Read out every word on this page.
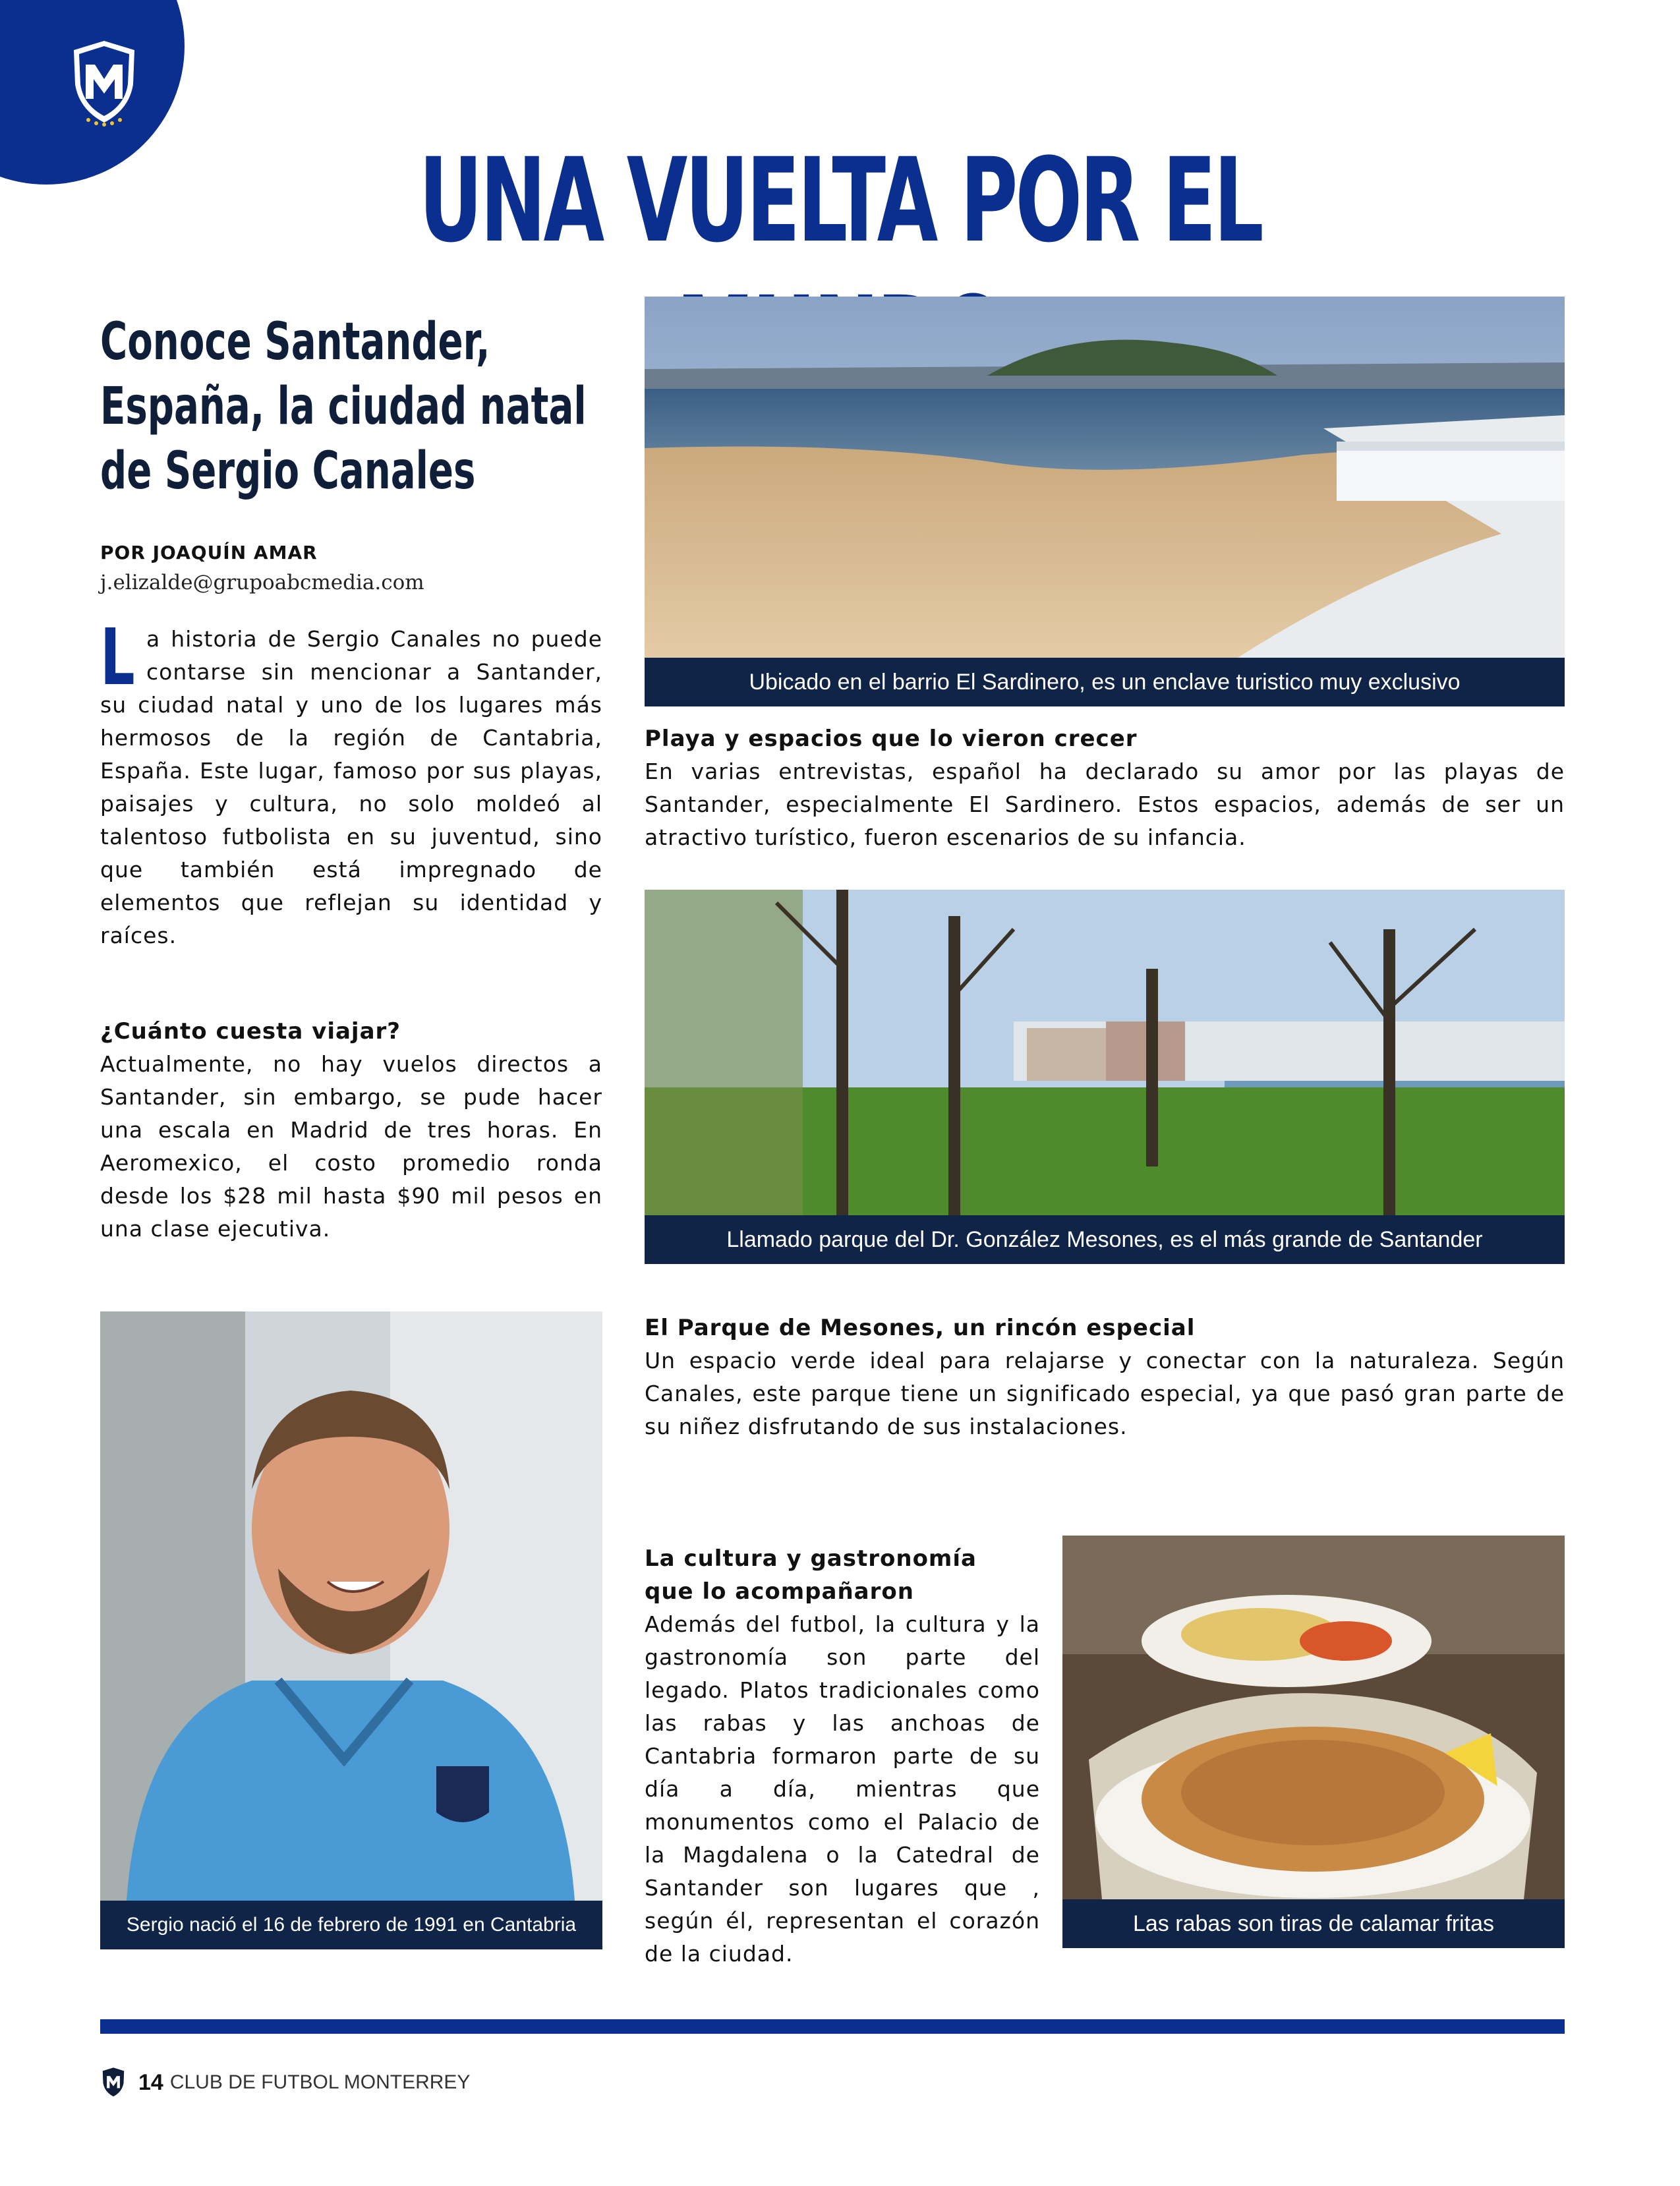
UNA VUELTA POR EL
Conoce Santander,
España, la ciudad natal
de Sergio Canales
POR JOAQUÍN AMAR
j.elizalde@grupoabcmedia.com
La historia de Sergio Canales no puede contarse sin mencionar a Santander, su ciudad natal y uno de los lugares más hermosos de la región de Cantabria, España. Este lugar, famoso por sus playas, paisajes y cultura, no solo moldeó al talentoso futbolista en su juventud, sino que también está impregnado de elementos que reflejan su identidad y raíces.
¿Cuánto cuesta viajar?

Actualmente, no hay vuelos directos a Santander, sin embargo, se pude hacer una escala en Madrid de tres horas. En Aeromexico, el costo promedio ronda desde los $28 mil hasta $90 mil pesos en una clase ejecutiva.

Ubicado en el barrio El Sardinero, es un enclave turistico muy exclusivo
Playa y espacios que lo vieron crecer

En varias entrevistas, español ha declarado su amor por las playas de Santander, especialmente El Sardinero. Estos espacios, además de ser un atractivo turístico, fueron escenarios de su infancia.

Llamado parque del Dr. González Mesones, es el más grande de Santander
El Parque de Mesones, un rincón especial

Un espacio verde ideal para relajarse y conectar con la naturaleza. Según Canales, este parque tiene un significado especial, ya que pasó gran parte de su niñez disfrutando de sus instalaciones.

Sergio nació el 16 de febrero de 1991 en Cantabria
La cultura y gastronomía
que lo acompañaron

Además del futbol, la cultura y la gastronomía son parte del legado. Platos tradicionales como las rabas y las anchoas de Cantabria formaron parte de su día a día, mientras que monumentos como el Palacio de la Magdalena o la Catedral de Santander son lugares que , según él, representan el corazón de la ciudad.

Las rabas son tiras de calamar fritas
14 CLUB DE FUTBOL MONTERREY
